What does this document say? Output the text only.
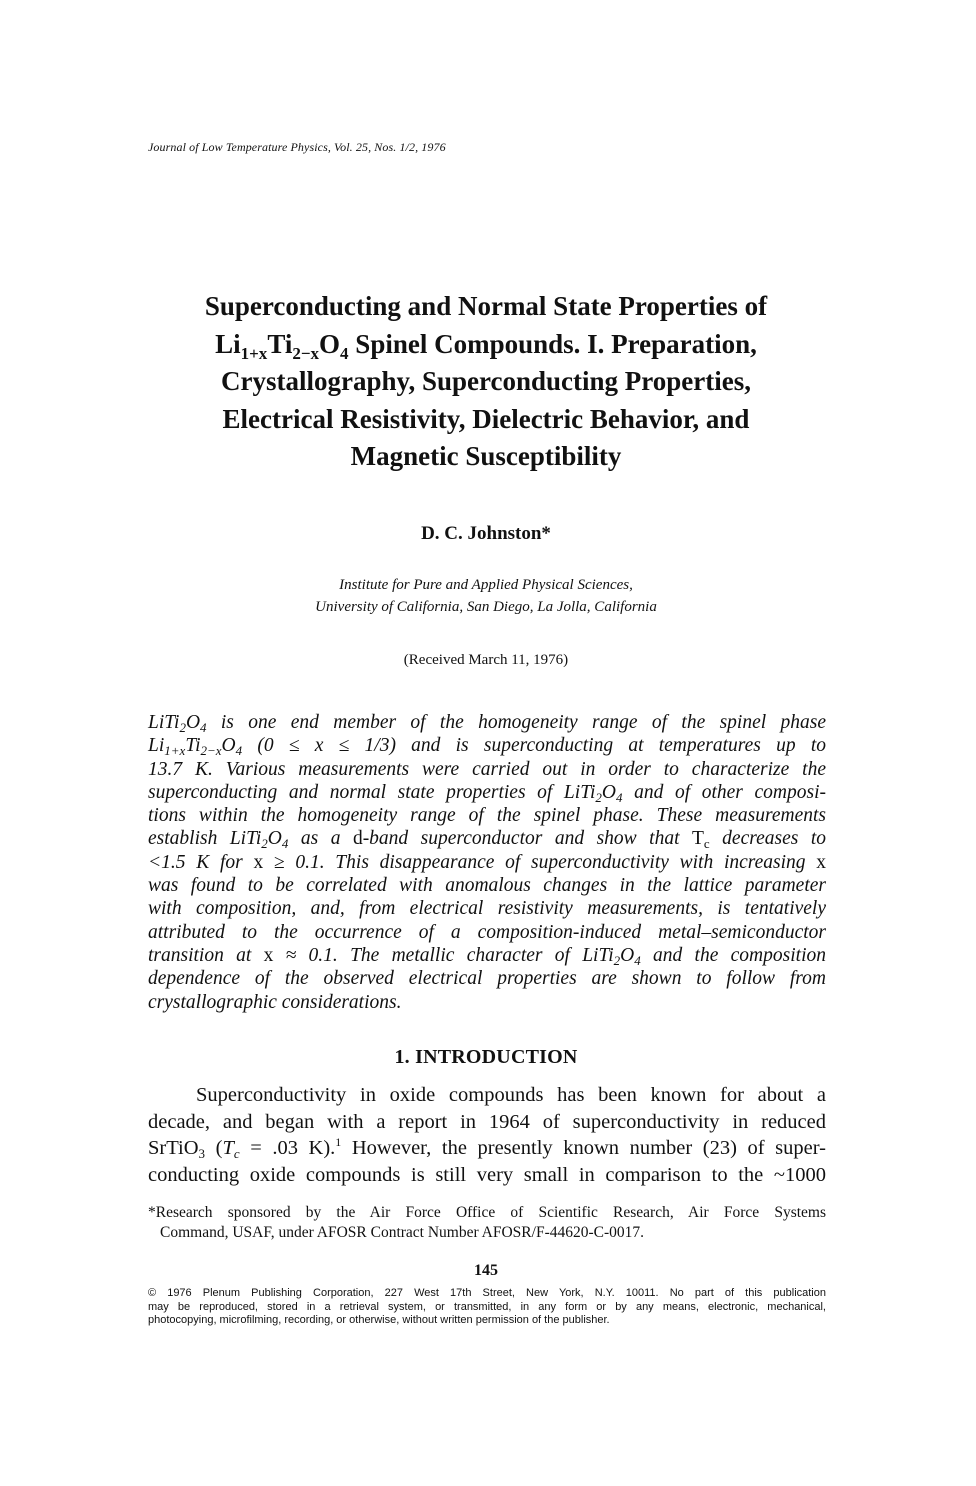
Journal of Low Temperature Physics, Vol. 25, Nos. 1/2, 1976
Superconducting and Normal State Properties of
$Li_{1+x}Ti_{2-x}O_4$ Spinel Compounds. I. Preparation,
Crystallography, Superconducting Properties,
Electrical Resistivity, Dielectric Behavior, and
Magnetic Susceptibility
D. C. Johnston*
Institute for Pure and Applied Physical Sciences,
University of California, San Diego, La Jolla, California
(Received March 11, 1976)
$LiTi_2O_4$ is one end member of the homogeneity range of the spinel phase
$Li_{1+x}Ti_{2-x}O_4$ (0 ≤ x ≤ 1/3) and is superconducting at temperatures up to
13.7 K. Various measurements were carried out in order to characterize the
superconducting and normal state properties of $LiTi_2O_4$ and of other composi-
tions within the homogeneity range of the spinel phase. These measurements
establish $LiTi_2O_4$ as a d-band superconductor and show that $T_c$ decreases to
<1.5 K for x ≥ 0.1. This disappearance of superconductivity with increasing x
was found to be correlated with anomalous changes in the lattice parameter
with composition, and, from electrical resistivity measurements, is tentatively
attributed to the occurrence of a composition-induced metal–semiconductor
transition at x ≈ 0.1. The metallic character of $LiTi_2O_4$ and the composition
dependence of the observed electrical properties are shown to follow from
crystallographic considerations.
1. INTRODUCTION
Superconductivity in oxide compounds has been known for about a
decade, and began with a report in 1964 of superconductivity in reduced
SrTiO$_3$ ($T_c = .03$ K).$^1$ However, the presently known number (23) of super-
conducting oxide compounds is still very small in comparison to the ~1000
*Research sponsored by the Air Force Office of Scientific Research, Air Force Systems
Command, USAF, under AFOSR Contract Number AFOSR/F-44620-C-0017.
145
© 1976 Plenum Publishing Corporation, 227 West 17th Street, New York, N.Y. 10011. No part of this publication
may be reproduced, stored in a retrieval system, or transmitted, in any form or by any means, electronic, mechanical,
photocopying, microfilming, recording, or otherwise, without written permission of the publisher.
